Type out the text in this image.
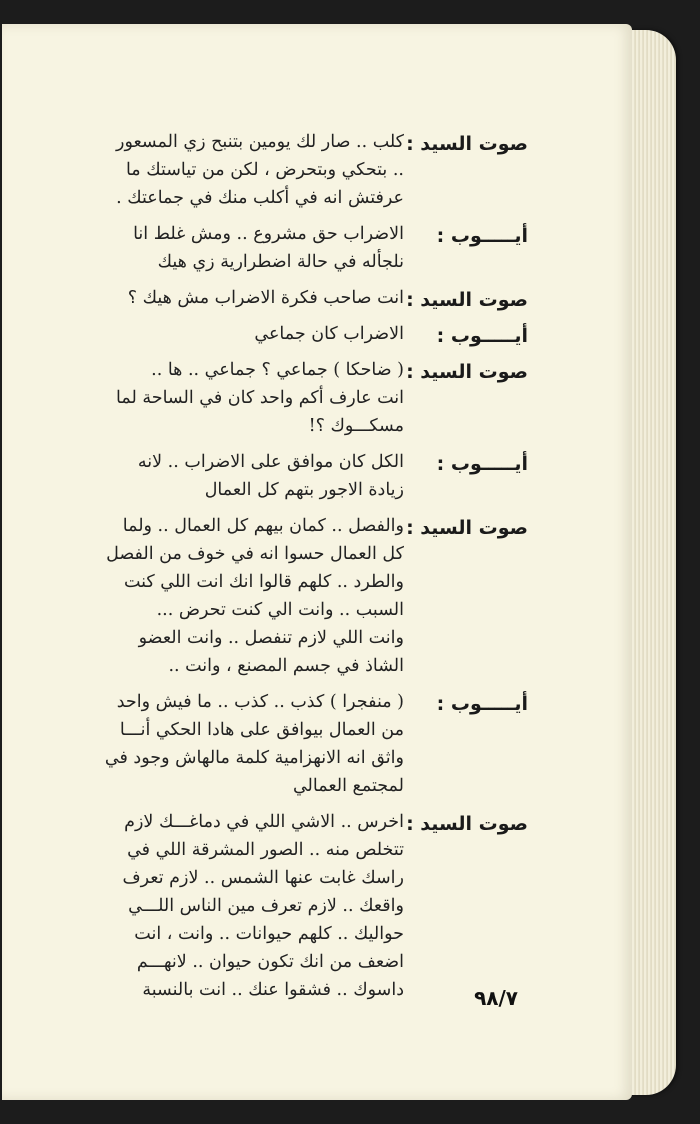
صوت السيد :
كلب .. صار لك يومين بتنبح زي المسعور
.. بتحكي وبتحرض ، لكن من تياستك ما
عرفتش انه في أكلب منك في جماعتك .
أيـــــوب :
الاضراب حق مشروع .. ومش غلط انا
نلجأله في حالة اضطرارية زي هيك
صوت السيد :
انت صاحب فكرة الاضراب مش هيك ؟
أيـــــوب :
الاضراب كان جماعي
صوت السيد :
( ضاحكا ) جماعي ؟ جماعي .. ها ..
انت عارف أكم واحد كان في الساحة لما
مسكـــوك ؟!
أيـــــوب :
الكل كان موافق على الاضراب .. لانه
زيادة الاجور بتهم كل العمال
صوت السيد :
والفصل .. كمان بيهم كل العمال .. ولما
كل العمال حسوا انه في خوف من الفصل
والطرد .. كلهم قالوا انك انت اللي كنت
السبب .. وانت الي كنت تحرض ...
وانت اللي لازم تنفصل .. وانت العضو
الشاذ في جسم المصنع ، وانت ..
أيـــــوب :
( منفجرا ) كذب .. كذب .. ما فيش واحد
من العمال بيوافق على هادا الحكي أنـــا
واثق انه الانهزامية كلمة مالهاش وجود في
لمجتمع العمالي
صوت السيد :
اخرس .. الاشي اللي في دماغـــك لازم
تتخلص منه .. الصور المشرقة اللي في
راسك غابت عنها الشمس .. لازم تعرف
واقعك .. لازم تعرف مين الناس اللـــي
حواليك .. كلهم حيوانات .. وانت ، انت
اضعف من انك تكون حيوان .. لانهـــم
داسوك .. فشقوا عنك .. انت بالنسبة	٩٨/٧
